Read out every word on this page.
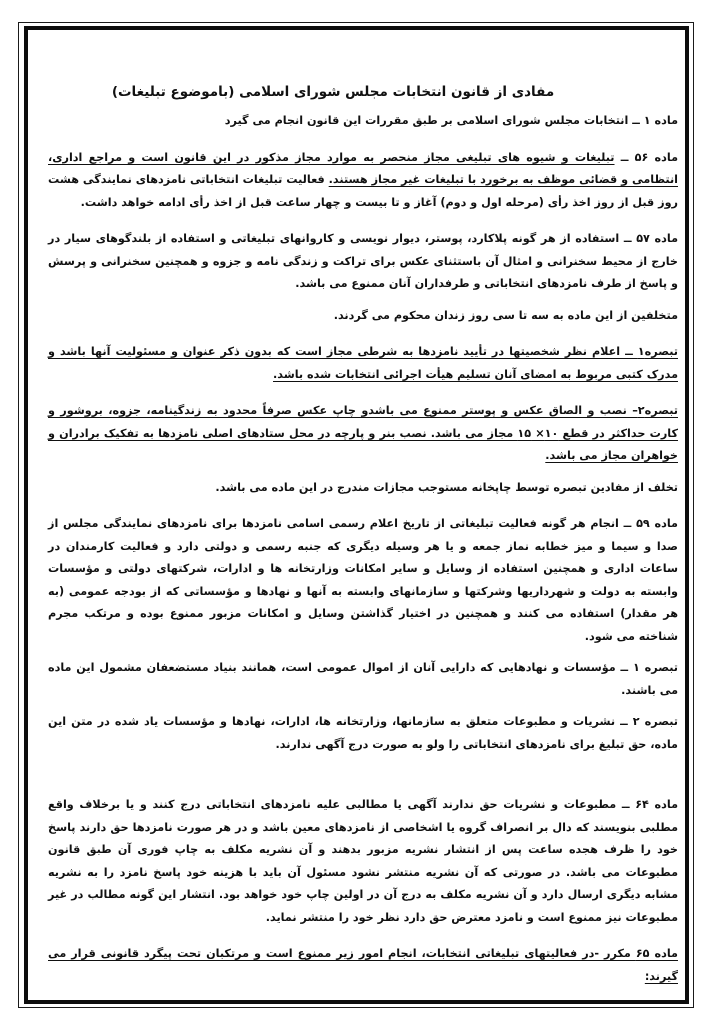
مفادی از قانون انتخابات مجلس شورای اسلامی (باموضوع تبلیغات)

ماده ۱ ــ انتخابات مجلس شورای اسلامی بر طبق مقررات این قانون انجام می گیرد

ماده ۵۶ ــ تبلیغات و شیوه های تبلیغی مجاز منحصر به موارد مجاز مذکور در این قانون است و مراجع اداری، انتظامی و قضائی موظف به برخورد با تبلیغات غیر مجاز هستند. فعالیت تبلیغات انتخاباتی نامزدهای نمایندگی هشت روز قبل از روز اخذ رأی (مرحله اول و دوم) آغاز و تا بیست و چهار ساعت قبل از اخذ رأی ادامه خواهد داشت.

ماده ۵۷ ــ استفاده از هر گونه پلاکارد، پوستر، دیوار نویسی و کاروانهای تبلیغاتی و استفاده از بلندگوهای سیار در خارج از محیط سخنرانی و امثال آن باستثنای عکس برای تراکت و زندگی نامه و جزوه و همچنین سخنرانی و پرسش و پاسخ از طرف نامزدهای انتخاباتی و طرفداران آنان ممنوع می باشد.

متخلفین از این ماده به سه تا سی روز زندان محکوم می گردند.

تبصره۱ ــ اعلام نظر شخصیتها در تأیید نامزدها به شرطی مجاز است که بدون ذکر عنوان و مسئولیت آنها باشد و مدرک کتبی مربوط به امضای آنان تسلیم هیأت اجرائی انتخابات شده باشد.

تبصره۲– نصب و الصاق عکس و پوستر ممنوع می باشدو چاپ عکس صرفاً محدود به زندگینامه، جزوه، بروشور و کارت حداکثر در قطع ۱۰× ۱۵ مجاز می باشد. نصب بنر و پارچه در محل ستادهای اصلی نامزدها به تفکیک برادران و خواهران مجاز می باشد.

تخلف از مفادین تبصره توسط چاپخانه مستوجب مجازات مندرج در این ماده می باشد.

ماده ۵۹ ــ انجام هر گونه فعالیت تبلیغاتی از تاریخ اعلام رسمی اسامی نامزدها برای نامزدهای نمایندگی مجلس از صدا و سیما و میز خطابه نماز جمعه و یا هر وسیله دیگری که جنبه رسمی و دولتی دارد و فعالیت کارمندان در ساعات اداری و همچنین استفاده از وسایل و سایر امکانات وزارتخانه ها و ادارات، شرکتهای دولتی و مؤسسات وابسته به دولت و شهرداریها وشرکتها و سازمانهای وابسته به آنها و نهادها و مؤسساتی که از بودجه عمومی (به هر مقدار) استفاده می کنند و همچنین در اختیار گذاشتن وسایل و امکانات مزبور ممنوع بوده و مرتکب مجرم شناخته می شود.

تبصره ۱ ــ مؤسسات و نهادهایی که دارایی آنان از اموال عمومی است، همانند بنیاد مستضعفان مشمول این ماده می باشند.

تبصره ۲ ــ نشریات و مطبوعات متعلق به سازمانها، وزارتخانه ها، ادارات، نهادها و مؤسسات یاد شده در متن این ماده، حق تبلیغ برای نامزدهای انتخاباتی را ولو به صورت درج آگهی ندارند.

ماده ۶۴ ــ مطبوعات و نشریات حق ندارند آگهی یا مطالبی علیه نامزدهای انتخاباتی درج کنند و یا برخلاف واقع مطلبی بنویسند که دال بر انصراف گروه یا اشخاصی از نامزدهای معین باشد و در هر صورت نامزدها حق دارند پاسخ خود را ظرف هجده ساعت پس از انتشار نشریه مزبور بدهند و آن نشریه مکلف به چاپ فوری آن طبق قانون مطبوعات می باشد. در صورتی که آن نشریه منتشر نشود مسئول آن باید با هزینه خود پاسخ نامزد را به نشریه مشابه دیگری ارسال دارد و آن نشریه مکلف به درج آن در اولین چاپ خود خواهد بود. انتشار این گونه مطالب در غیر مطبوعات نیز ممنوع است و نامزد معترض حق دارد نظر خود را منتشر نماید.

ماده ۶۵ مکرر -در فعالیتهای تبلیغاتی انتخابات، انجام امور زیر ممنوع است و مرتکبان تحت پیگرد قانونی قرار می گیرند:
